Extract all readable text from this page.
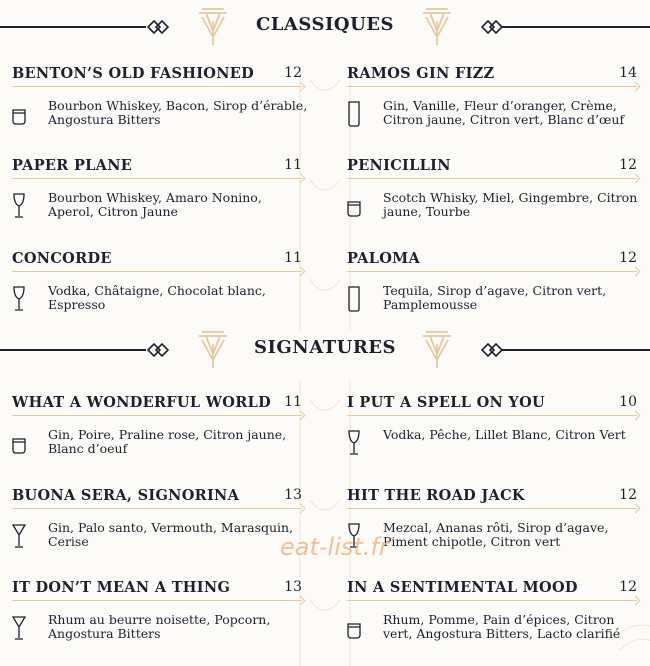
CLASSIQUES
BENTON’S OLD FASHIONED 12
Bourbon Whiskey, Bacon, Sirop d’érable, Angostura Bitters
RAMOS GIN FIZZ	14
Gin, Vanille, Fleur d’oranger, Crème, Citron jaune, Citron vert, Blanc d’œuf
PAPER PLANE	11
Bourbon Whiskey, Amaro Nonino, Aperol, Citron Jaune
PENICILLIN	12
Scotch Whisky, Miel, Gingembre, Citron jaune, Tourbe
CONCORDE	11
Vodka, Châtaigne, Chocolat blanc, Espresso
PALOMA	12
Tequila, Sirop d’agave, Citron vert, Pamplemousse
SIGNATURES
WHAT A WONDERFUL WORLD 11
Gin, Poire, Praline rose, Citron jaune, Blanc d’oeuf
I PUT A SPELL ON YOU	10
Vodka, Pêche, Lillet Blanc, Citron Vert
BUONA SERA, SIGNORINA	13
Gin, Palo santo, Vermouth, Marasquin, Cerise
HIT THE ROAD JACK	12
Mezcal, Ananas rôti, Sirop d’agave, Piment chipotle, Citron vert
IT DON’T MEAN A THING	13
Rhum au beurre noisette, Popcorn, Angostura Bitters
IN A SENTIMENTAL MOOD	12
Rhum, Pomme, Pain d’épices, Citron vert, Angostura Bitters, Lacto clarifié
eat-list.fr
